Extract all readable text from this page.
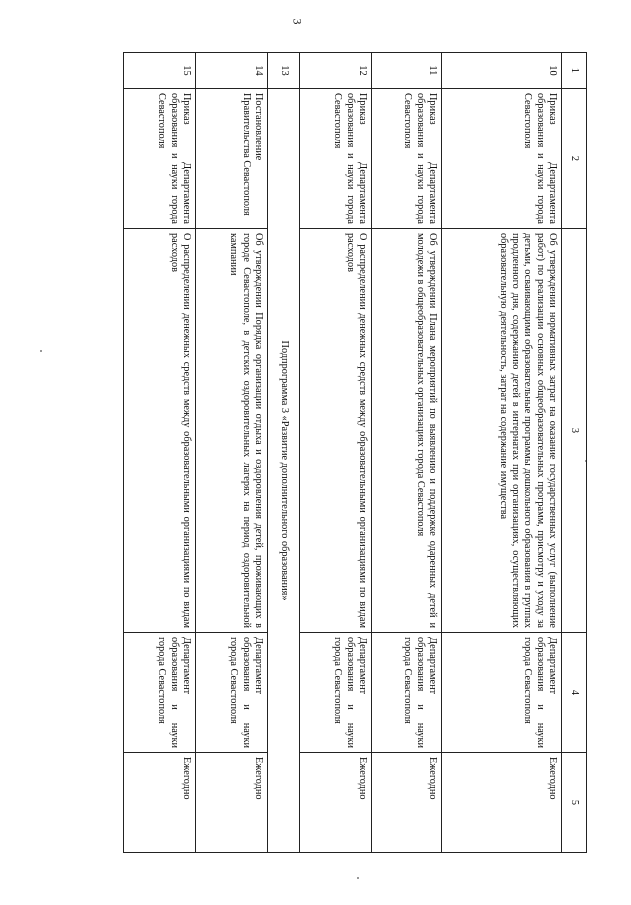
3
1	2	3	4	5
10	Приказ Департамента образования и науки города Севастополя	Об утверждении нормативных затрат на оказание государственных услуг (выполнение работ) по реализации основных общеобразовательных программ, присмотру и уходу за детьми, осваивающими образовательные программы дошкольного образования в группах продленного дня, содержанию детей в интернатах при организациях, осуществляющих образовательную деятельность, затрат на содержание имущества	Департамент образования и науки города Севастополя	Ежегодно
11	Приказ Департамента образования и науки города Севастополя	Об утверждении Плана мероприятий по выявлению и поддержке одаренных детей и молодежи в общеобразовательных организациях города Севастополя	Департамент образования и науки города Севастополя	Ежегодно
12	Приказ Департамента образования и науки города Севастополя	О распределении денежных средств между образовательными организациями по видам расходов	Департамент образования и науки города Севастополя	Ежегодно
13	Подпрограмма 3 «Развитие дополнительного образования»			
14	Постановление Правительства Севастополя	Об утверждении Порядка организации отдыха и оздоровления детей, проживающих в городе Севастополе, в детских оздоровительных лагерях на период оздоровительной кампании	Департамент образования и науки города Севастополя	Ежегодно
15	Приказ Департамента образования и науки города Севастополя	О распределении денежных средств между образовательными организациями по видам расходов	Департамент образования и науки города Севастополя	Ежегодно
